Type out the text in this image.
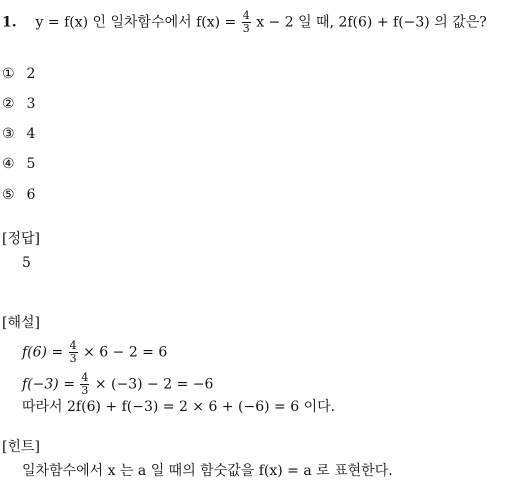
1. y = f(x) 인 일차함수에서 $f(x) = \frac{4}{3}$ x − 2 일 때, 2f(6) + f(−3) 의 값은?
① 2
② 3
③ 4
④ 5
⑤ 6
[정답]
5
[해설]
$f(6) = \frac{4}{3} \times 6 - 2 = 6$
$f(-3) = \frac{4}{3} \times (-3) - 2 = -6$
따라서 2f(6) + f(−3) = 2 × 6 + (−6) = 6 이다.
[힌트]
일차함수에서 x 는 a 일 때의 함숫값을 f(x) = a 로 표현한다.
